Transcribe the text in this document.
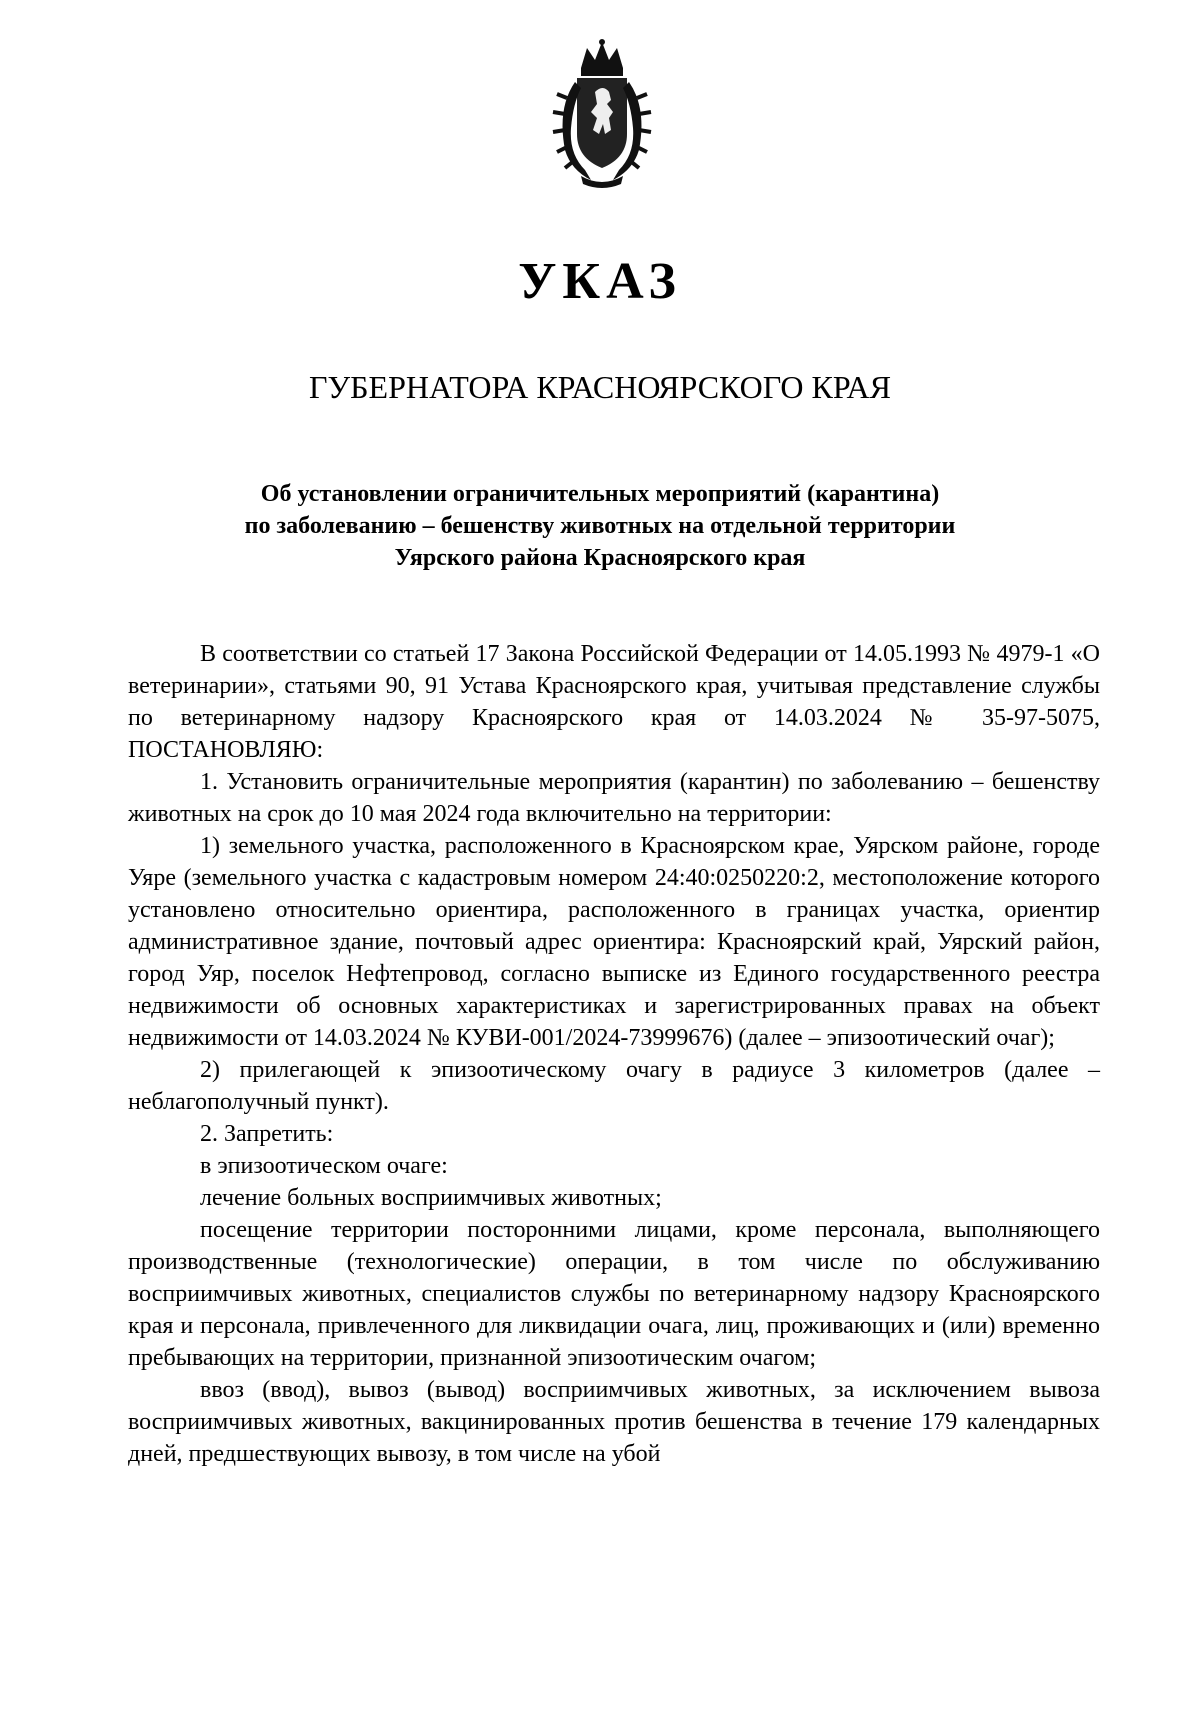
УКАЗ
ГУБЕРНАТОРА КРАСНОЯРСКОГО КРАЯ
Об установлении ограничительных мероприятий (карантина)
по заболеванию – бешенству животных на отдельной территории
Уярского района Красноярского края

В соответствии со статьей 17 Закона Российской Федерации от 14.05.1993 № 4979-1 «О ветеринарии», статьями 90, 91 Устава Красноярского края, учитывая представление службы по ветеринарному надзору Красноярского края от 14.03.2024 № 35-97-5075, ПОСТАНОВЛЯЮ:

1. Установить ограничительные мероприятия (карантин) по заболеванию – бешенству животных на срок до 10 мая 2024 года включительно на территории:

1) земельного участка, расположенного в Красноярском крае, Уярском районе, городе Уяре (земельного участка с кадастровым номером 24:40:0250220:2, местоположение которого установлено относительно ориентира, расположенного в границах участка, ориентир административное здание, почтовый адрес ориентира: Красноярский край, Уярский район, город Уяр, поселок Нефтепровод, согласно выписке из Единого государственного реестра недвижимости об основных характеристиках и зарегистрированных правах на объект недвижимости от 14.03.2024 № КУВИ-001/2024-73999676) (далее – эпизоотический очаг);

2) прилегающей к эпизоотическому очагу в радиусе 3 километров (далее – неблагополучный пункт).

2. Запретить:

в эпизоотическом очаге:

лечение больных восприимчивых животных;

посещение территории посторонними лицами, кроме персонала, выполняющего производственные (технологические) операции, в том числе по обслуживанию восприимчивых животных, специалистов службы по ветеринарному надзору Красноярского края и персонала, привлеченного для ликвидации очага, лиц, проживающих и (или) временно пребывающих на территории, признанной эпизоотическим очагом;

ввоз (ввод), вывоз (вывод) восприимчивых животных, за исключением вывоза восприимчивых животных, вакцинированных против бешенства в течение 179 календарных дней, предшествующих вывозу, в том числе на убой
